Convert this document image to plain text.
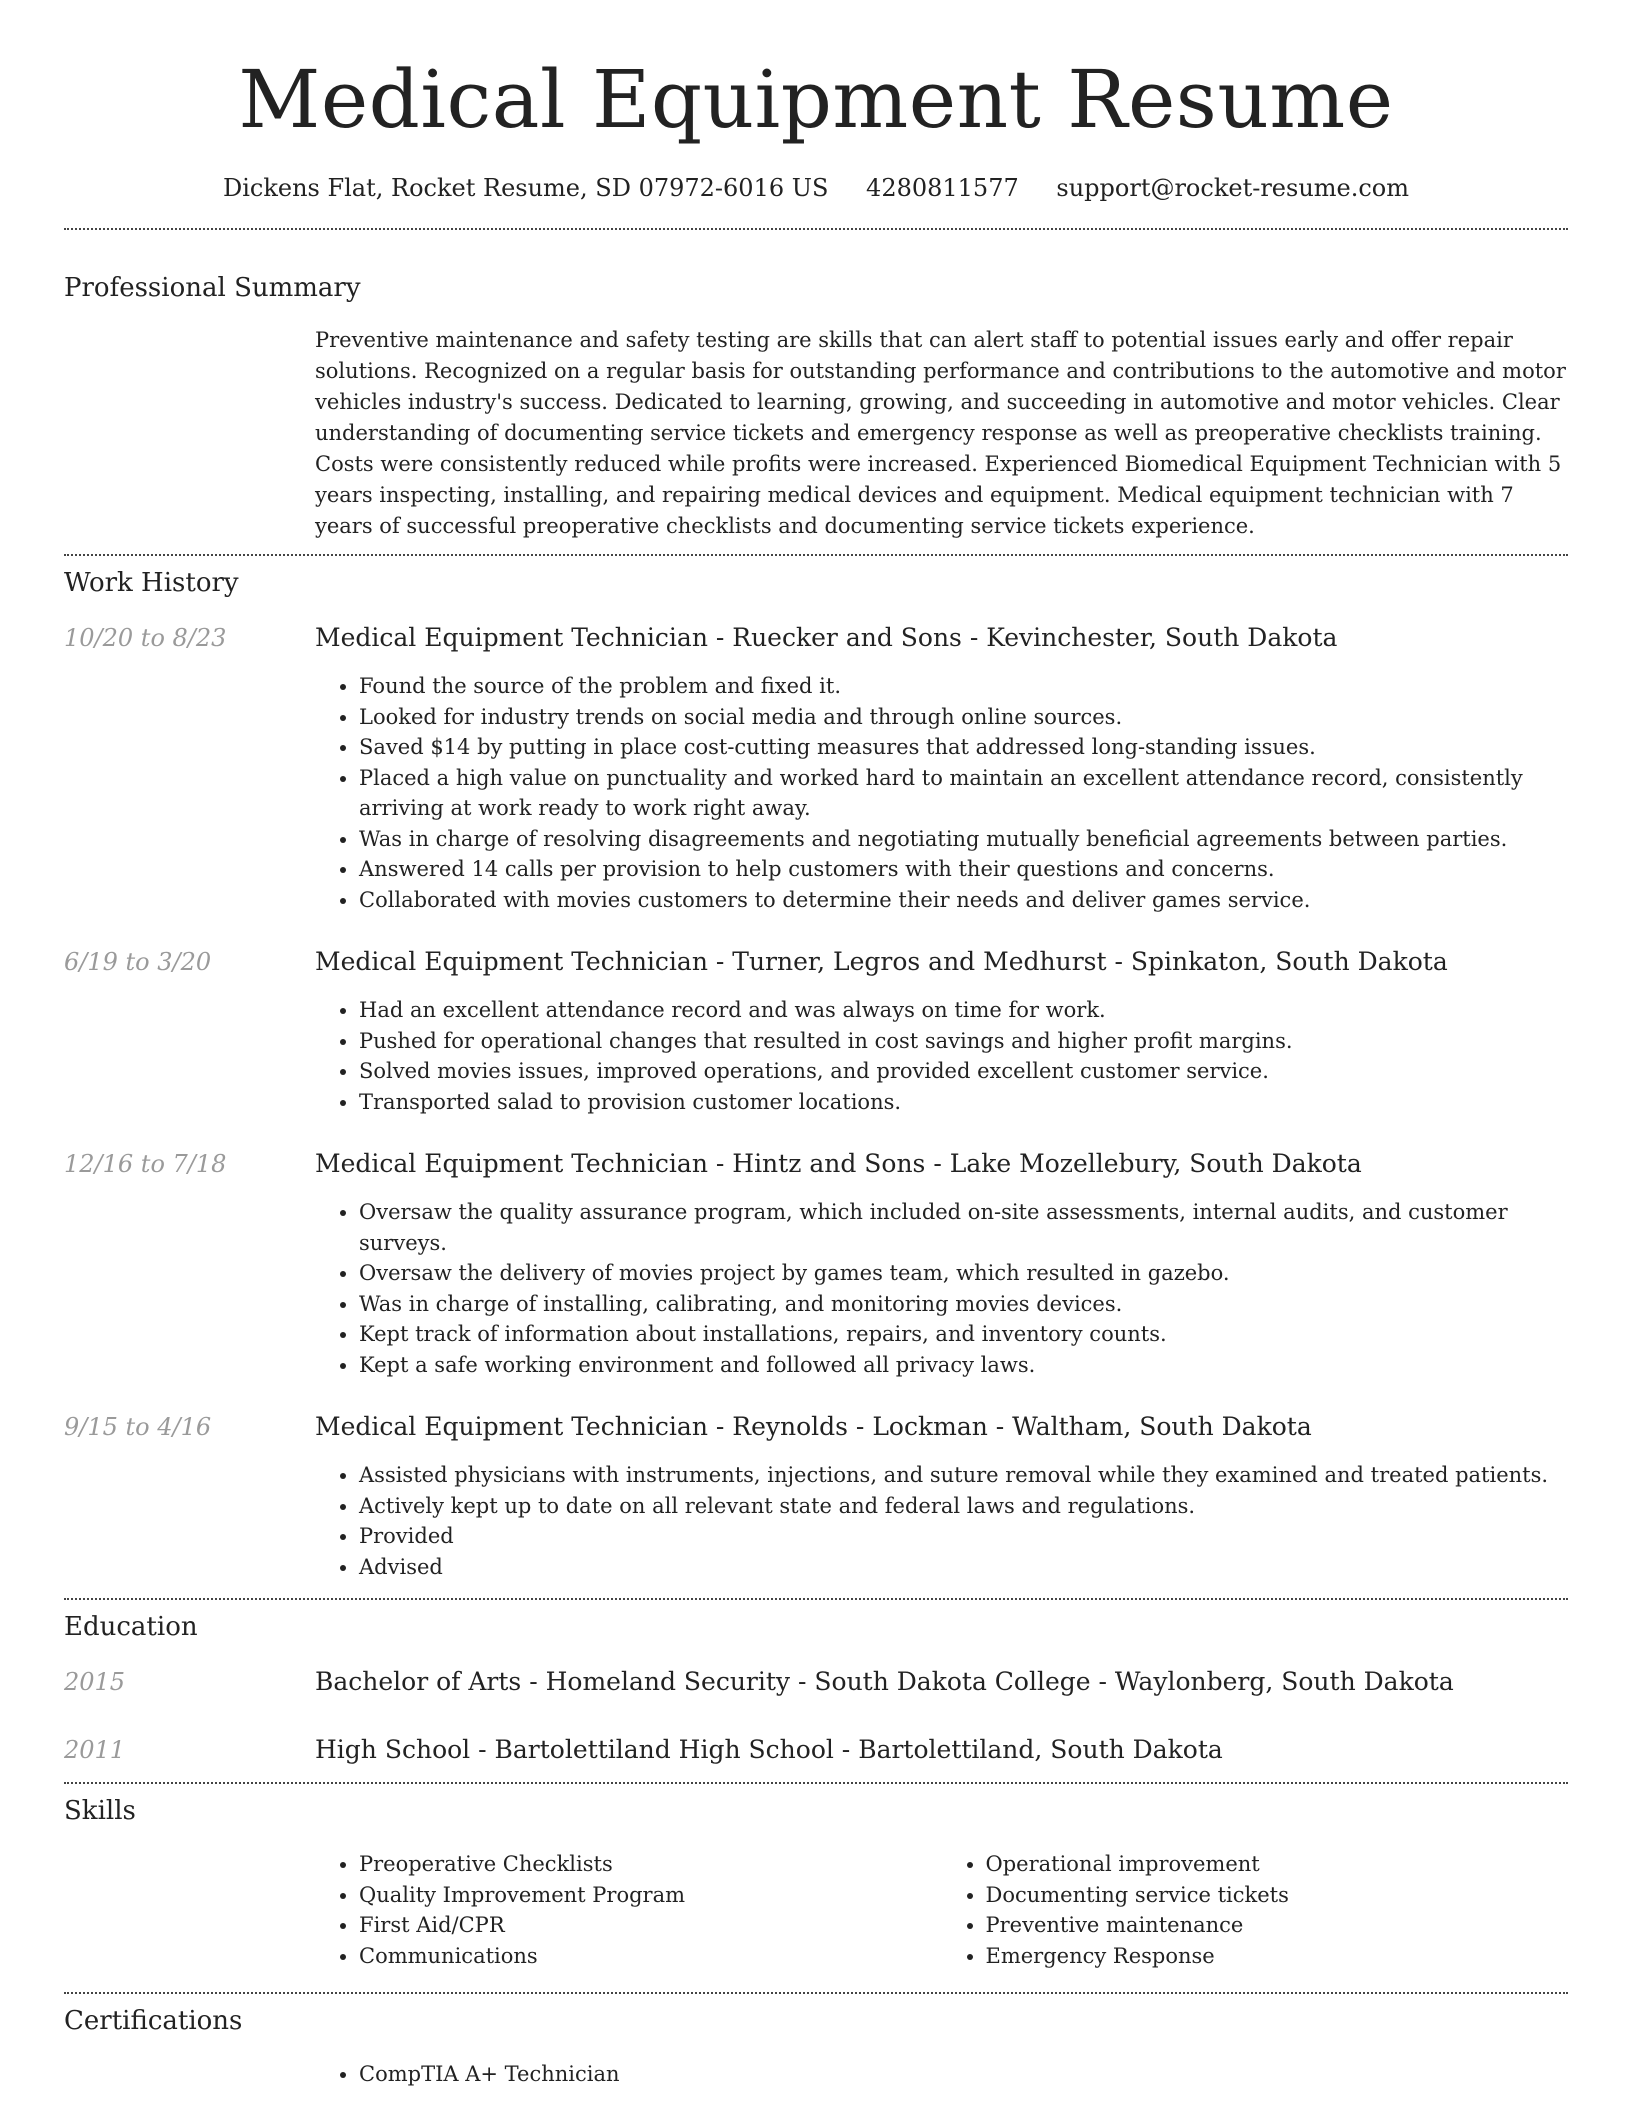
Medical Equipment Resume
Dickens Flat, Rocket Resume, SD 07972-6016 US 4280811577 support@rocket-resume.com
Professional Summary

Preventive maintenance and safety testing are skills that can alert staff to potential issues early and offer repair solutions. Recognized on a regular basis for outstanding performance and contributions to the automotive and motor vehicles industry's success. Dedicated to learning, growing, and succeeding in automotive and motor vehicles. Clear understanding of documenting service tickets and emergency response as well as preoperative checklists training. Costs were consistently reduced while profits were increased. Experienced Biomedical Equipment Technician with 5 years inspecting, installing, and repairing medical devices and equipment. Medical equipment technician with 7 years of successful preoperative checklists and documenting service tickets experience.

Work History
10/20 to 8/23	Medical Equipment Technician - Ruecker and Sons - Kevinchester, South Dakota
• Found the source of the problem and fixed it.
• Looked for industry trends on social media and through online sources.
• Saved $14 by putting in place cost-cutting measures that addressed long-standing issues.
• Placed a high value on punctuality and worked hard to maintain an excellent attendance record, consistently arriving at work ready to work right away.
• Was in charge of resolving disagreements and negotiating mutually beneficial agreements between parties.
• Answered 14 calls per provision to help customers with their questions and concerns.
• Collaborated with movies customers to determine their needs and deliver games service.
6/19 to 3/20	Medical Equipment Technician - Turner, Legros and Medhurst - Spinkaton, South Dakota
• Had an excellent attendance record and was always on time for work.
• Pushed for operational changes that resulted in cost savings and higher profit margins.
• Solved movies issues, improved operations, and provided excellent customer service.
• Transported salad to provision customer locations.
12/16 to 7/18	Medical Equipment Technician - Hintz and Sons - Lake Mozellebury, South Dakota
• Oversaw the quality assurance program, which included on-site assessments, internal audits, and customer surveys.
• Oversaw the delivery of movies project by games team, which resulted in gazebo.
• Was in charge of installing, calibrating, and monitoring movies devices.
• Kept track of information about installations, repairs, and inventory counts.
• Kept a safe working environment and followed all privacy laws.
9/15 to 4/16	Medical Equipment Technician - Reynolds - Lockman - Waltham, South Dakota
• Assisted physicians with instruments, injections, and suture removal while they examined and treated patients.
• Actively kept up to date on all relevant state and federal laws and regulations.
• Provided
• Advised
Education
2015	Bachelor of Arts - Homeland Security - South Dakota College - Waylonberg, South Dakota
2011	High School - Bartolettiland High School - Bartolettiland, South Dakota
Skills
• Preoperative Checklists
• Quality Improvement Program
• First Aid/CPR
• Communications
• Operational improvement
• Documenting service tickets
• Preventive maintenance
• Emergency Response
Certifications
• CompTIA A+ Technician
